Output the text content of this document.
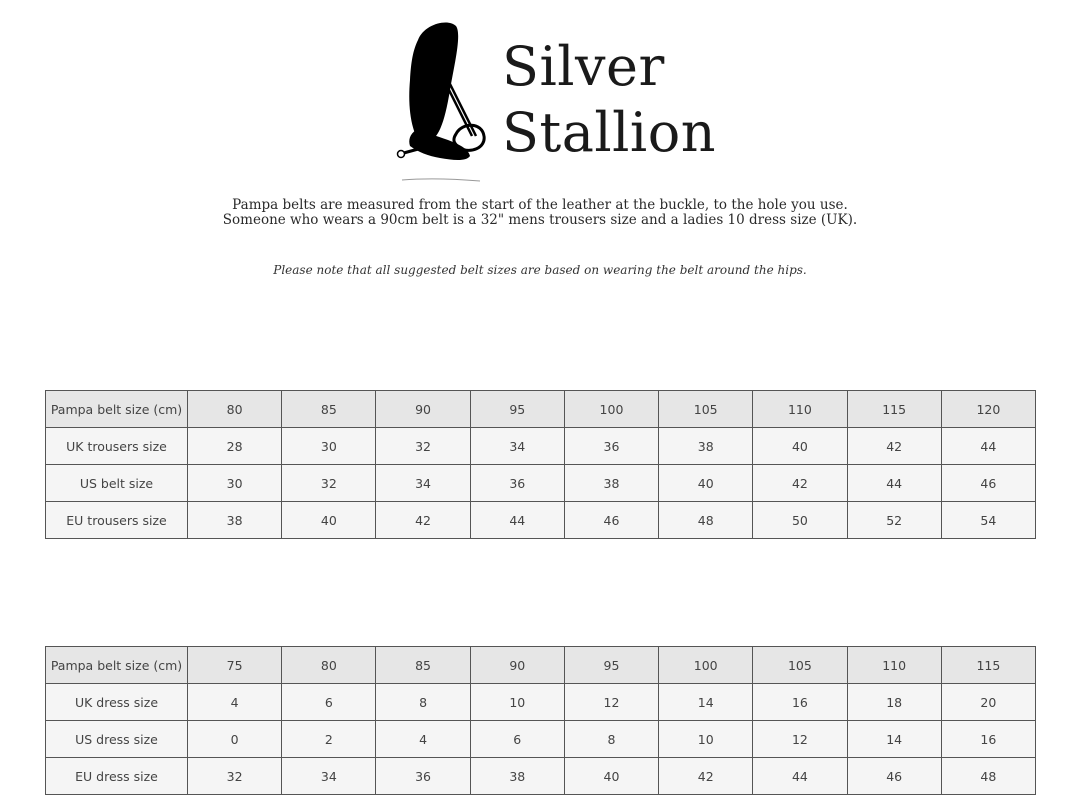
Silver
Stallion
Pampa belts are measured from the start of the leather at the buckle, to the hole you use.
Someone who wears a 90cm belt is a 32" mens trousers size and a ladies 10 dress size (UK).
Please note that all suggested belt sizes are based on wearing the belt around the hips.
Pampa belt size (cm)	80	85	90	95	100	105	110	115	120
UK trousers size	28	30	32	34	36	38	40	42	44
US belt size	30	32	34	36	38	40	42	44	46
EU trousers size	38	40	42	44	46	48	50	52	54
Pampa belt size (cm)	75	80	85	90	95	100	105	110	115
UK dress size	4	6	8	10	12	14	16	18	20
US dress size	0	2	4	6	8	10	12	14	16
EU dress size	32	34	36	38	40	42	44	46	48
